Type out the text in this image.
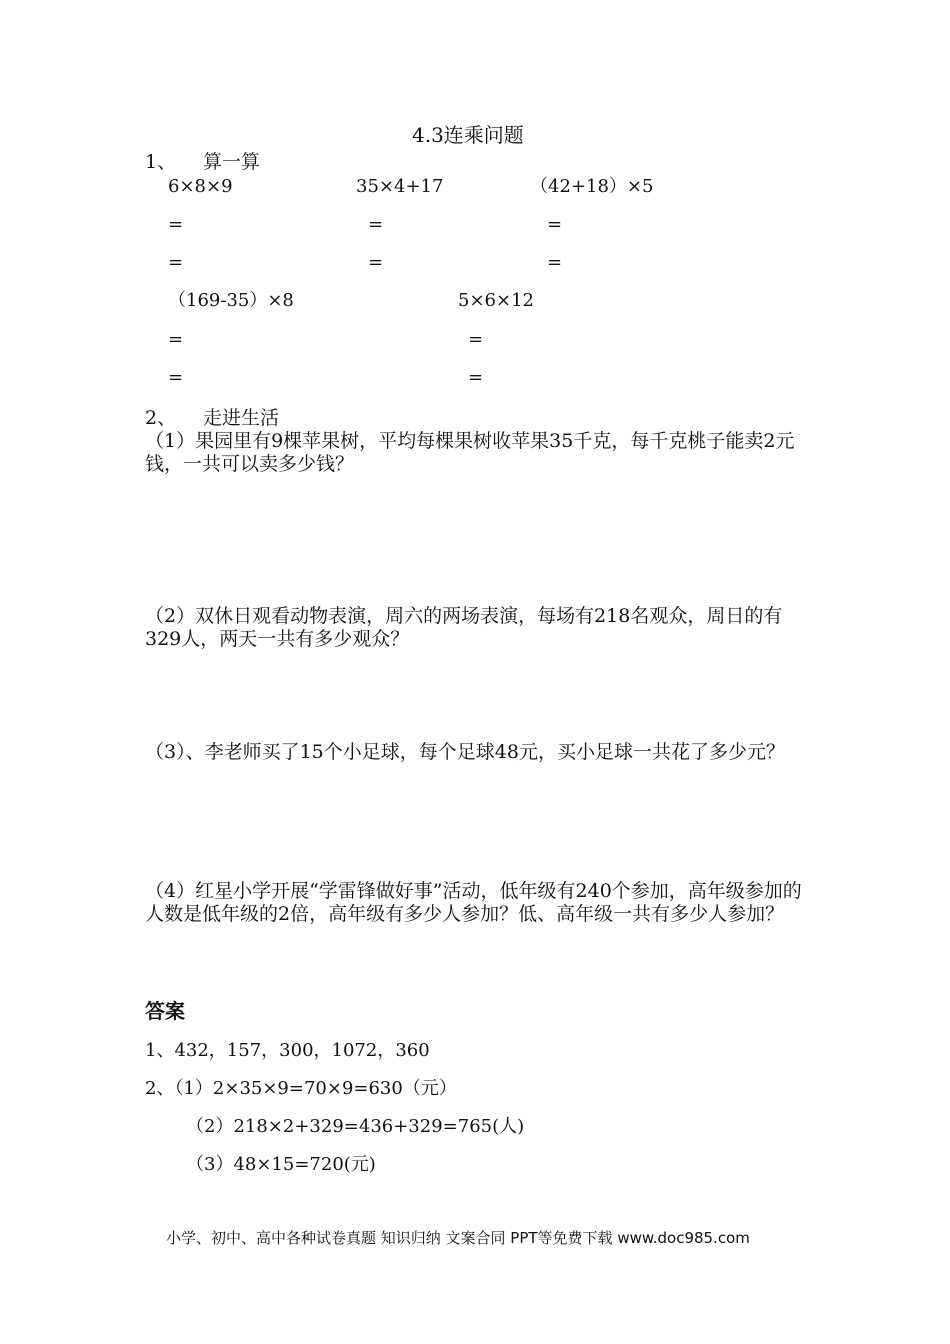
4.3连乘问题
1、 算一算
6×8×9	35×4+17	（42+18）×5
=	=	=
=	=	=
（169-35）×8	5×6×12
=	=
=	=
2、 走进生活
（1）果园里有9棵苹果树，平均每棵果树收苹果35千克，每千克桃子能卖2元钱，一共可以卖多少钱？
（2）双休日观看动物表演，周六的两场表演，每场有218名观众，周日的有329人，两天一共有多少观众？
（3）、李老师买了15个小足球，每个足球48元，买小足球一共花了多少元？
（4）红星小学开展“学雷锋做好事”活动，低年级有240个参加，高年级参加的人数是低年级的2倍，高年级有多少人参加？低、高年级一共有多少人参加？
答案
1、432，157，300，1072，360
2、（1）2×35×9=70×9=630（元）
（2）218×2+329=436+329=765(人)
（3）48×15=720(元)
小学、初中、高中各种试卷真题 知识归纳 文案合同 PPT等免费下载 www.doc985.com
